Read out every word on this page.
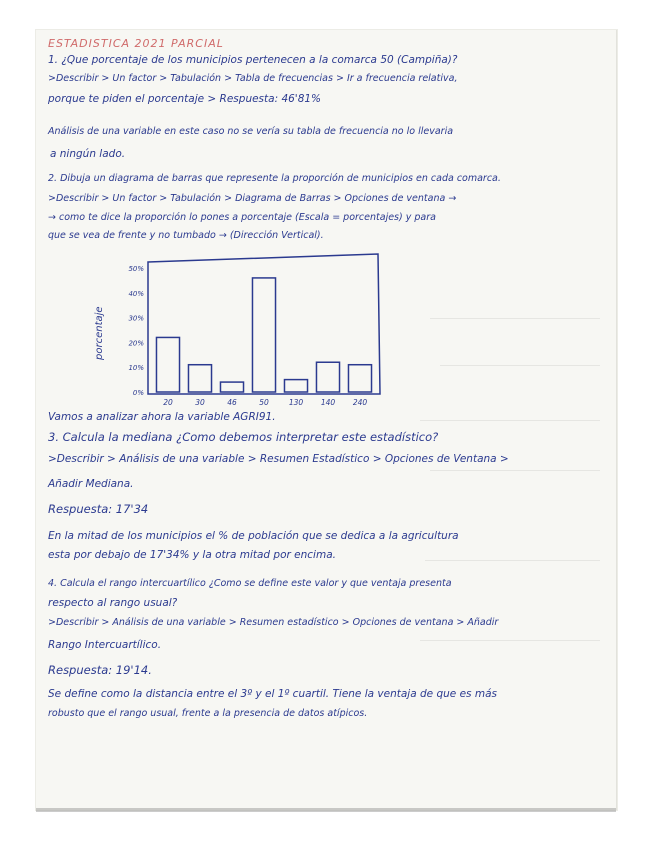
ESTADISTICA 2021 PARCIAL
1. ¿Que porcentaje de los municipios pertenecen a la comarca 50 (Campiña)?
>Describir > Un factor > Tabulación > Tabla de frecuencias > Ir a frecuencia relativa,
porque te piden el porcentaje > Respuesta: 46'81%
Análisis de una variable en este caso no se vería su tabla de frecuencia no lo llevaria
a ningún lado.
2. Dibuja un diagrama de barras que represente la proporción de municipios en cada comarca.
>Describir > Un factor > Tabulación > Diagrama de Barras > Opciones de ventana →
→ como te dice la proporción lo pones a porcentaje (Escala = porcentajes) y para
que se vea de frente y no tumbado → (Dirección Vertical).
0%
10%
20%
30%
40%
50%
porcentaje
20	30	46	50	130 140 240
Vamos a analizar ahora la variable AGRI91.
3. Calcula la mediana ¿Como debemos interpretar este estadístico?
>Describir > Análisis de una variable > Resumen Estadístico > Opciones de Ventana >
Añadir Mediana.
Respuesta: 17'34
En la mitad de los municipios el % de población que se dedica a la agricultura
esta por debajo de 17'34% y la otra mitad por encima.
4. Calcula el rango intercuartílico ¿Como se define este valor y que ventaja presenta
respecto al rango usual?
>Describir > Análisis de una variable > Resumen estadístico > Opciones de ventana > Añadir
Rango Intercuartílico.
Respuesta: 19'14.
Se define como la distancia entre el 3º y el 1º cuartil. Tiene la ventaja de que es más
robusto que el rango usual, frente a la presencia de datos atípicos.
